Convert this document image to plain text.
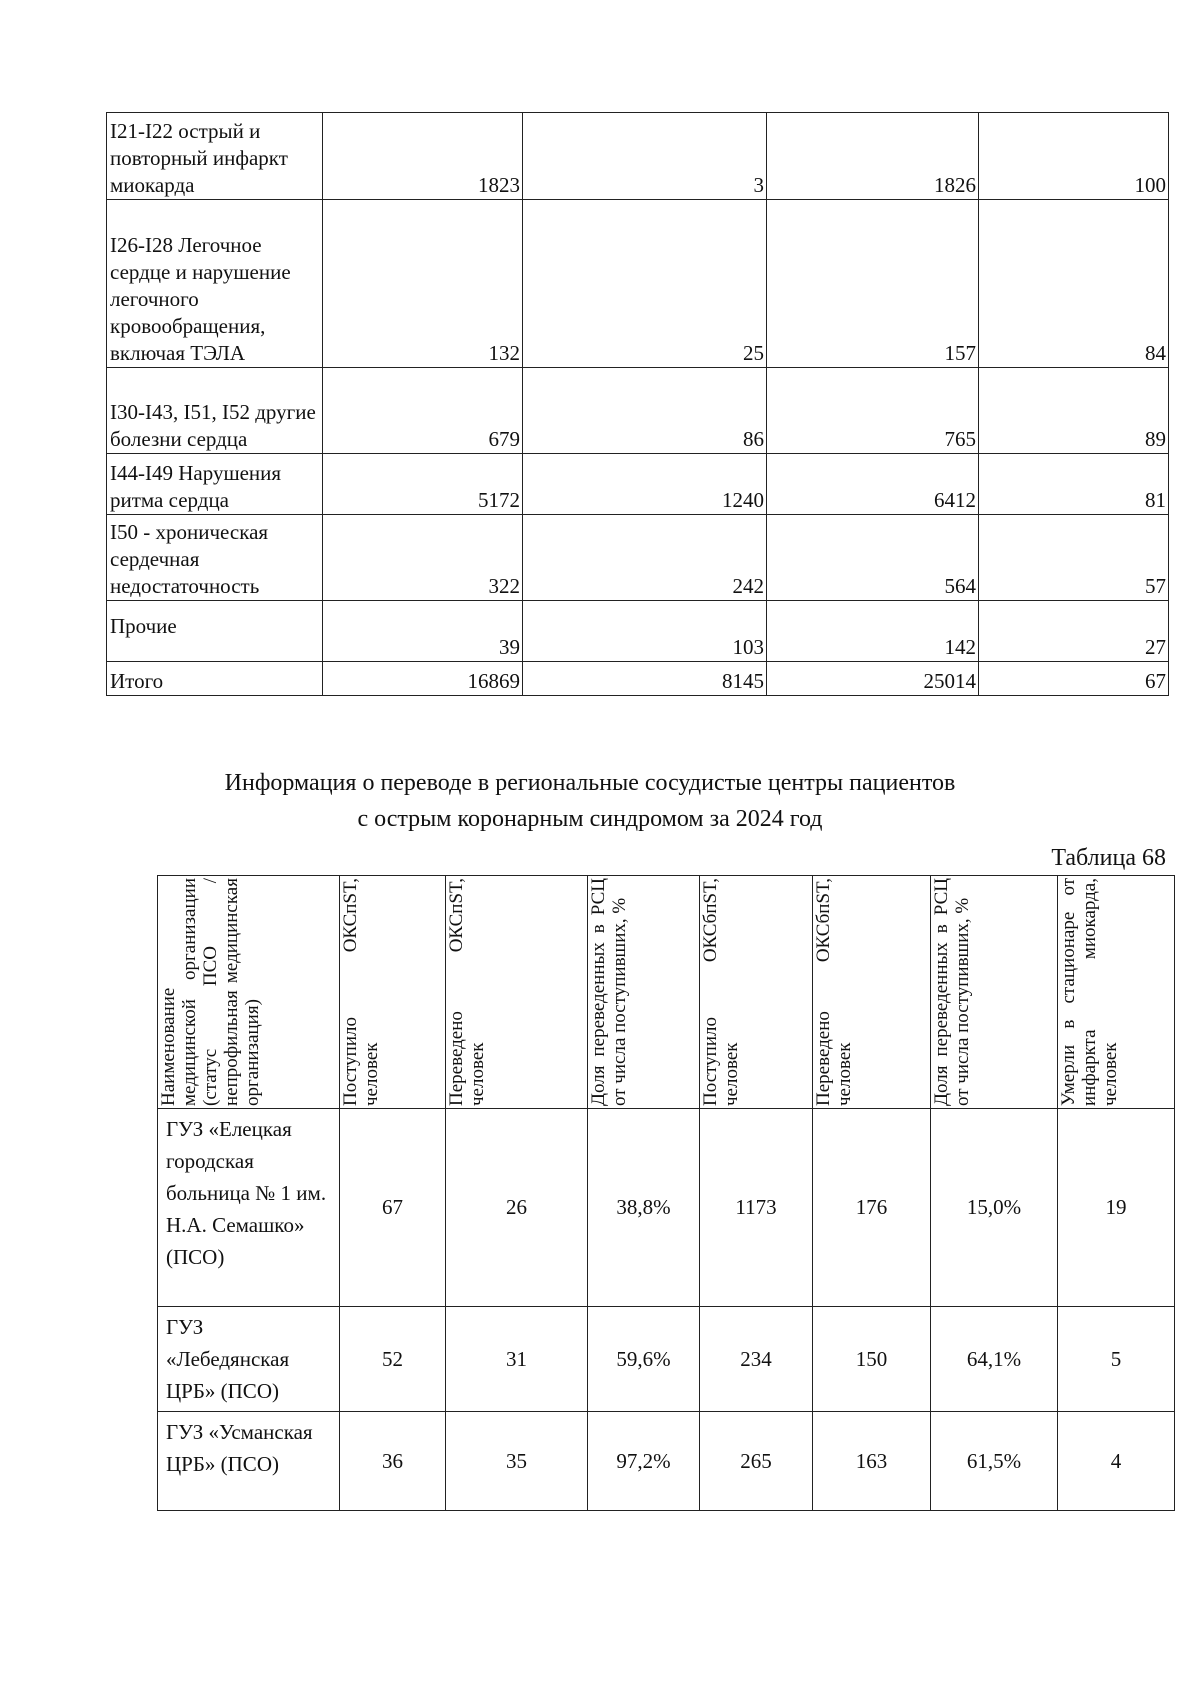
I21-I22 острый и повторный инфаркт миокарда	1823	3	1826	100
I26-I28 Легочное сердце и нарушение легочного кровообращения, включая ТЭЛА	132	25	157	84
I30-I43, I51, I52 другие болезни сердца	679	86	765	89
I44-I49 Нарушения ритма сердца	5172	1240	6412	81
I50 - хроническая сердечная недостаточность	322	242	564	57
Прочие	39	103	142	27
Итого	16869	8145	25014	67
Информация о переводе в региональные сосудистые центры пациентов
с острым коронарным синдромом за 2024 год
Таблица 68
Наименование медицинской организации (статус ПСО / непрофильная медицинская организация)	Поступило ОКСпST, человек	Переведено ОКСпST, человек	Доля переведенных в РСЦ от числа поступивших, %	Поступило ОКСбпST, человек	Переведено ОКСбпST, человек	Доля переведенных в РСЦ от числа поступивших, %	Умерли в стационаре от инфаркта миокарда, человек

ГУЗ «Елецкая городская больница № 1 им. Н.А. Семашко» (ПСО)	67	26	38,8%	1173	176	15,0%	19
ГУЗ «Лебедянская ЦРБ» (ПСО)	52	31	59,6%	234	150	64,1%	5
ГУЗ «Усманская ЦРБ» (ПСО)	36	35	97,2%	265	163	61,5%	4
